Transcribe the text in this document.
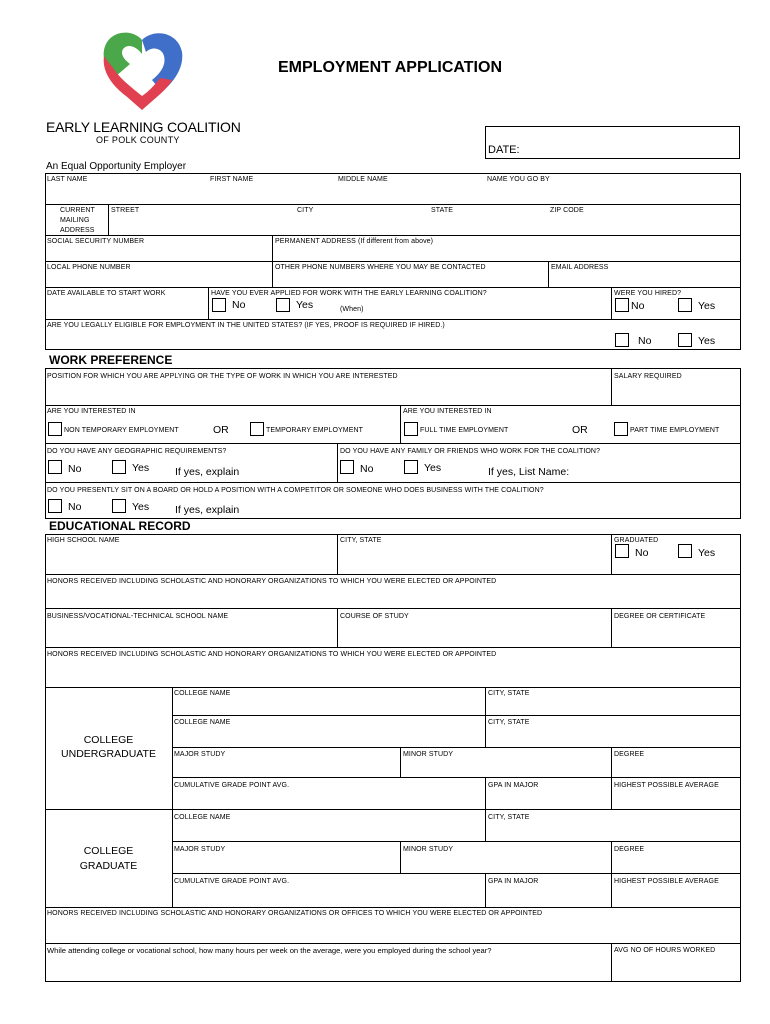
EARLY LEARNING COALITION
OF POLK COUNTY
EMPLOYMENT APPLICATION
DATE:
An Equal Opportunity Employer
LAST NAME	FIRST NAME	MIDDLE NAME	NAME YOU GO BY
CURRENT
MAILING
ADDRESS
STREET	CITY	STATE	ZIP CODE
SOCIAL SECURITY NUMBER	PERMANENT ADDRESS (If different from above)
LOCAL PHONE NUMBER	OTHER PHONE NUMBERS WHERE YOU MAY BE CONTACTED	EMAIL ADDRESS
DATE AVAILABLE TO START WORK	HAVE YOU EVER APPLIED FOR WORK WITH THE EARLY LEARNING COALITION?
No	Yes	(When)
WERE YOU HIRED?
No	Yes
ARE YOU LEGALLY ELIGIBLE FOR EMPLOYMENT IN THE UNITED STATES? (IF YES, PROOF IS REQUIRED IF HIRED.)
No	Yes
WORK PREFERENCE
POSITION FOR WHICH YOU ARE APPLYING OR THE TYPE OF WORK IN WHICH YOU ARE INTERESTED	SALARY REQUIRED
ARE YOU INTERESTED IN
NON TEMPORARY EMPLOYMENT	OR	TEMPORARY EMPLOYMENT
ARE YOU INTERESTED IN
FULL TIME EMPLOYMENT	OR	PART TIME EMPLOYMENT
DO YOU HAVE ANY GEOGRAPHIC REQUIREMENTS?
No	Yes If yes, explain
DO YOU HAVE ANY FAMILY OR FRIENDS WHO WORK FOR THE COALITION?
No	Yes	If yes, List Name:
DO YOU PRESENTLY SIT ON A BOARD OR HOLD A POSITION WITH A COMPETITOR OR SOMEONE WHO DOES BUSINESS WITH THE COALITION?
No	Yes If yes, explain
EDUCATIONAL RECORD
HIGH SCHOOL NAME	CITY, STATE	GRADUATED
No	Yes
HONORS RECEIVED INCLUDING SCHOLASTIC AND HONORARY ORGANIZATIONS TO WHICH YOU WERE ELECTED OR APPOINTED
BUSINESS/VOCATIONAL-TECHNICAL SCHOOL NAME	COURSE OF STUDY	DEGREE OR CERTIFICATE
HONORS RECEIVED INCLUDING SCHOLASTIC AND HONORARY ORGANIZATIONS TO WHICH YOU WERE ELECTED OR APPOINTED
COLLEGE
UNDERGRADUATE
COLLEGE NAME	CITY, STATE
COLLEGE NAME	CITY, STATE
MAJOR STUDY	MINOR STUDY	DEGREE
CUMULATIVE GRADE POINT AVG.	GPA IN MAJOR	HIGHEST POSSIBLE AVERAGE
COLLEGE
GRADUATE
COLLEGE NAME	CITY, STATE
MAJOR STUDY	MINOR STUDY	DEGREE
CUMULATIVE GRADE POINT AVG.	GPA IN MAJOR	HIGHEST POSSIBLE AVERAGE
HONORS RECEIVED INCLUDING SCHOLASTIC AND HONORARY ORGANIZATIONS OR OFFICES TO WHICH YOU WERE ELECTED OR APPOINTED
While attending college or vocational school, how many hours per week on the average, were you employed during the school year?	AVG NO OF HOURS WORKED
